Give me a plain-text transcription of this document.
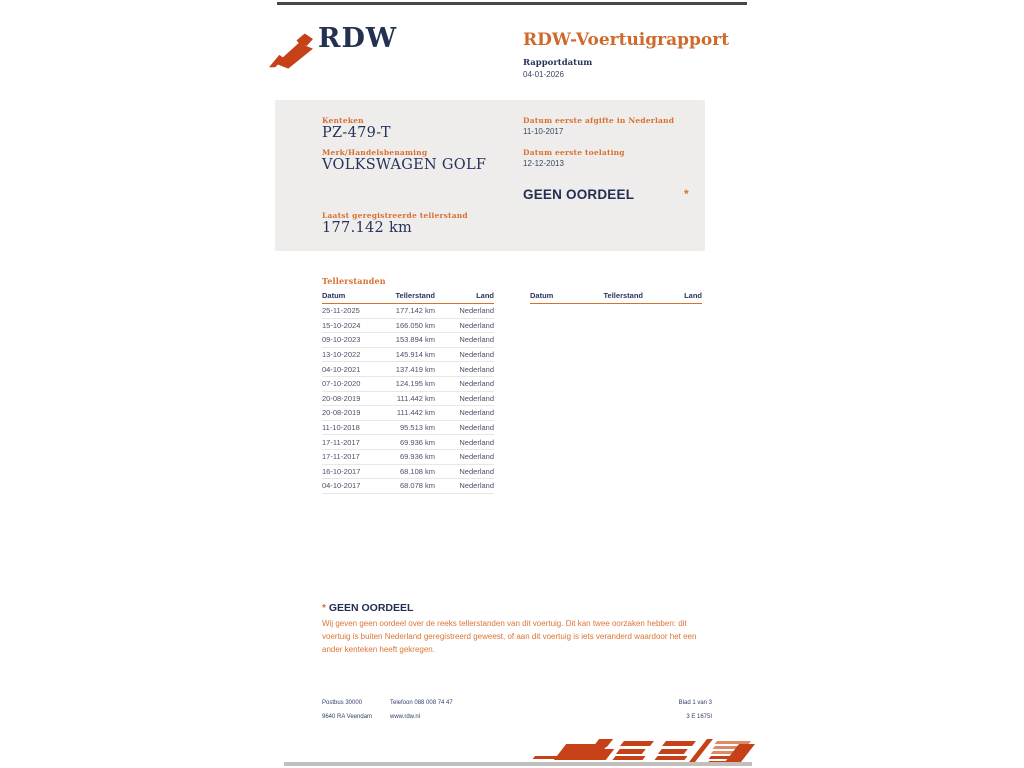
RDW	RDW-Voertuigrapport
Rapportdatum
04-01-2026
Kenteken
PZ-479-T
Merk/Handelsbenaming
VOLKSWAGEN GOLF
Laatst geregistreerde tellerstand
177.142 km
Datum eerste afgifte in Nederland
11-10-2017
Datum eerste toelating
12-12-2013
GEEN OORDEEL	*
Tellerstanden
Datum	Tellerstand	Land
25-11-2025	177.142 km	Nederland
15-10-2024	166.050 km	Nederland
09-10-2023	153.894 km	Nederland
13-10-2022	145.914 km	Nederland
04-10-2021	137.419 km	Nederland
07-10-2020	124.195 km	Nederland
20-08-2019	111.442 km	Nederland
20-08-2019	111.442 km	Nederland
11-10-2018	95.513 km	Nederland
17-11-2017	69.936 km	Nederland
17-11-2017	69.936 km	Nederland
16-10-2017	68.108 km	Nederland
04-10-2017	68.078 km	Nederland
Datum	Tellerstand	Land
* GEEN OORDEEL
Wij geven geen oordeel over de reeks tellerstanden van dit voertuig. Dit kan twee oorzaken hebben: dit voertuig is buiten Nederland geregistreerd geweest, of aan dit voertuig is iets veranderd waardoor het een ander kenteken heeft gekregen.
Postbus 30000
9640 RA Veendam
Telefoon 088 008 74 47
www.rdw.nl
Blad 1 van 3
3 E 1675I
